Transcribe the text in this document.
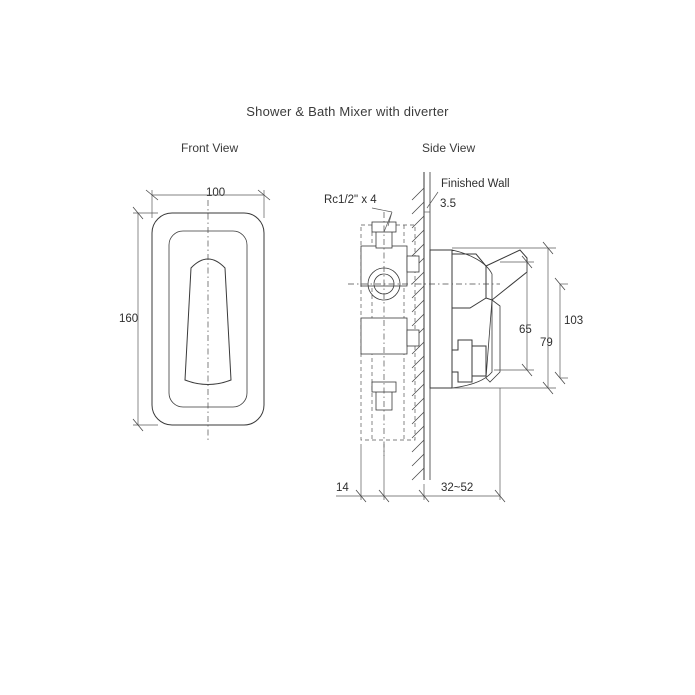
Shower & Bath Mixer with diverter
Front View	Side View
100
160
Rc1/2" x 4
Finished Wall
3.5
65
79
103
14	32~52
